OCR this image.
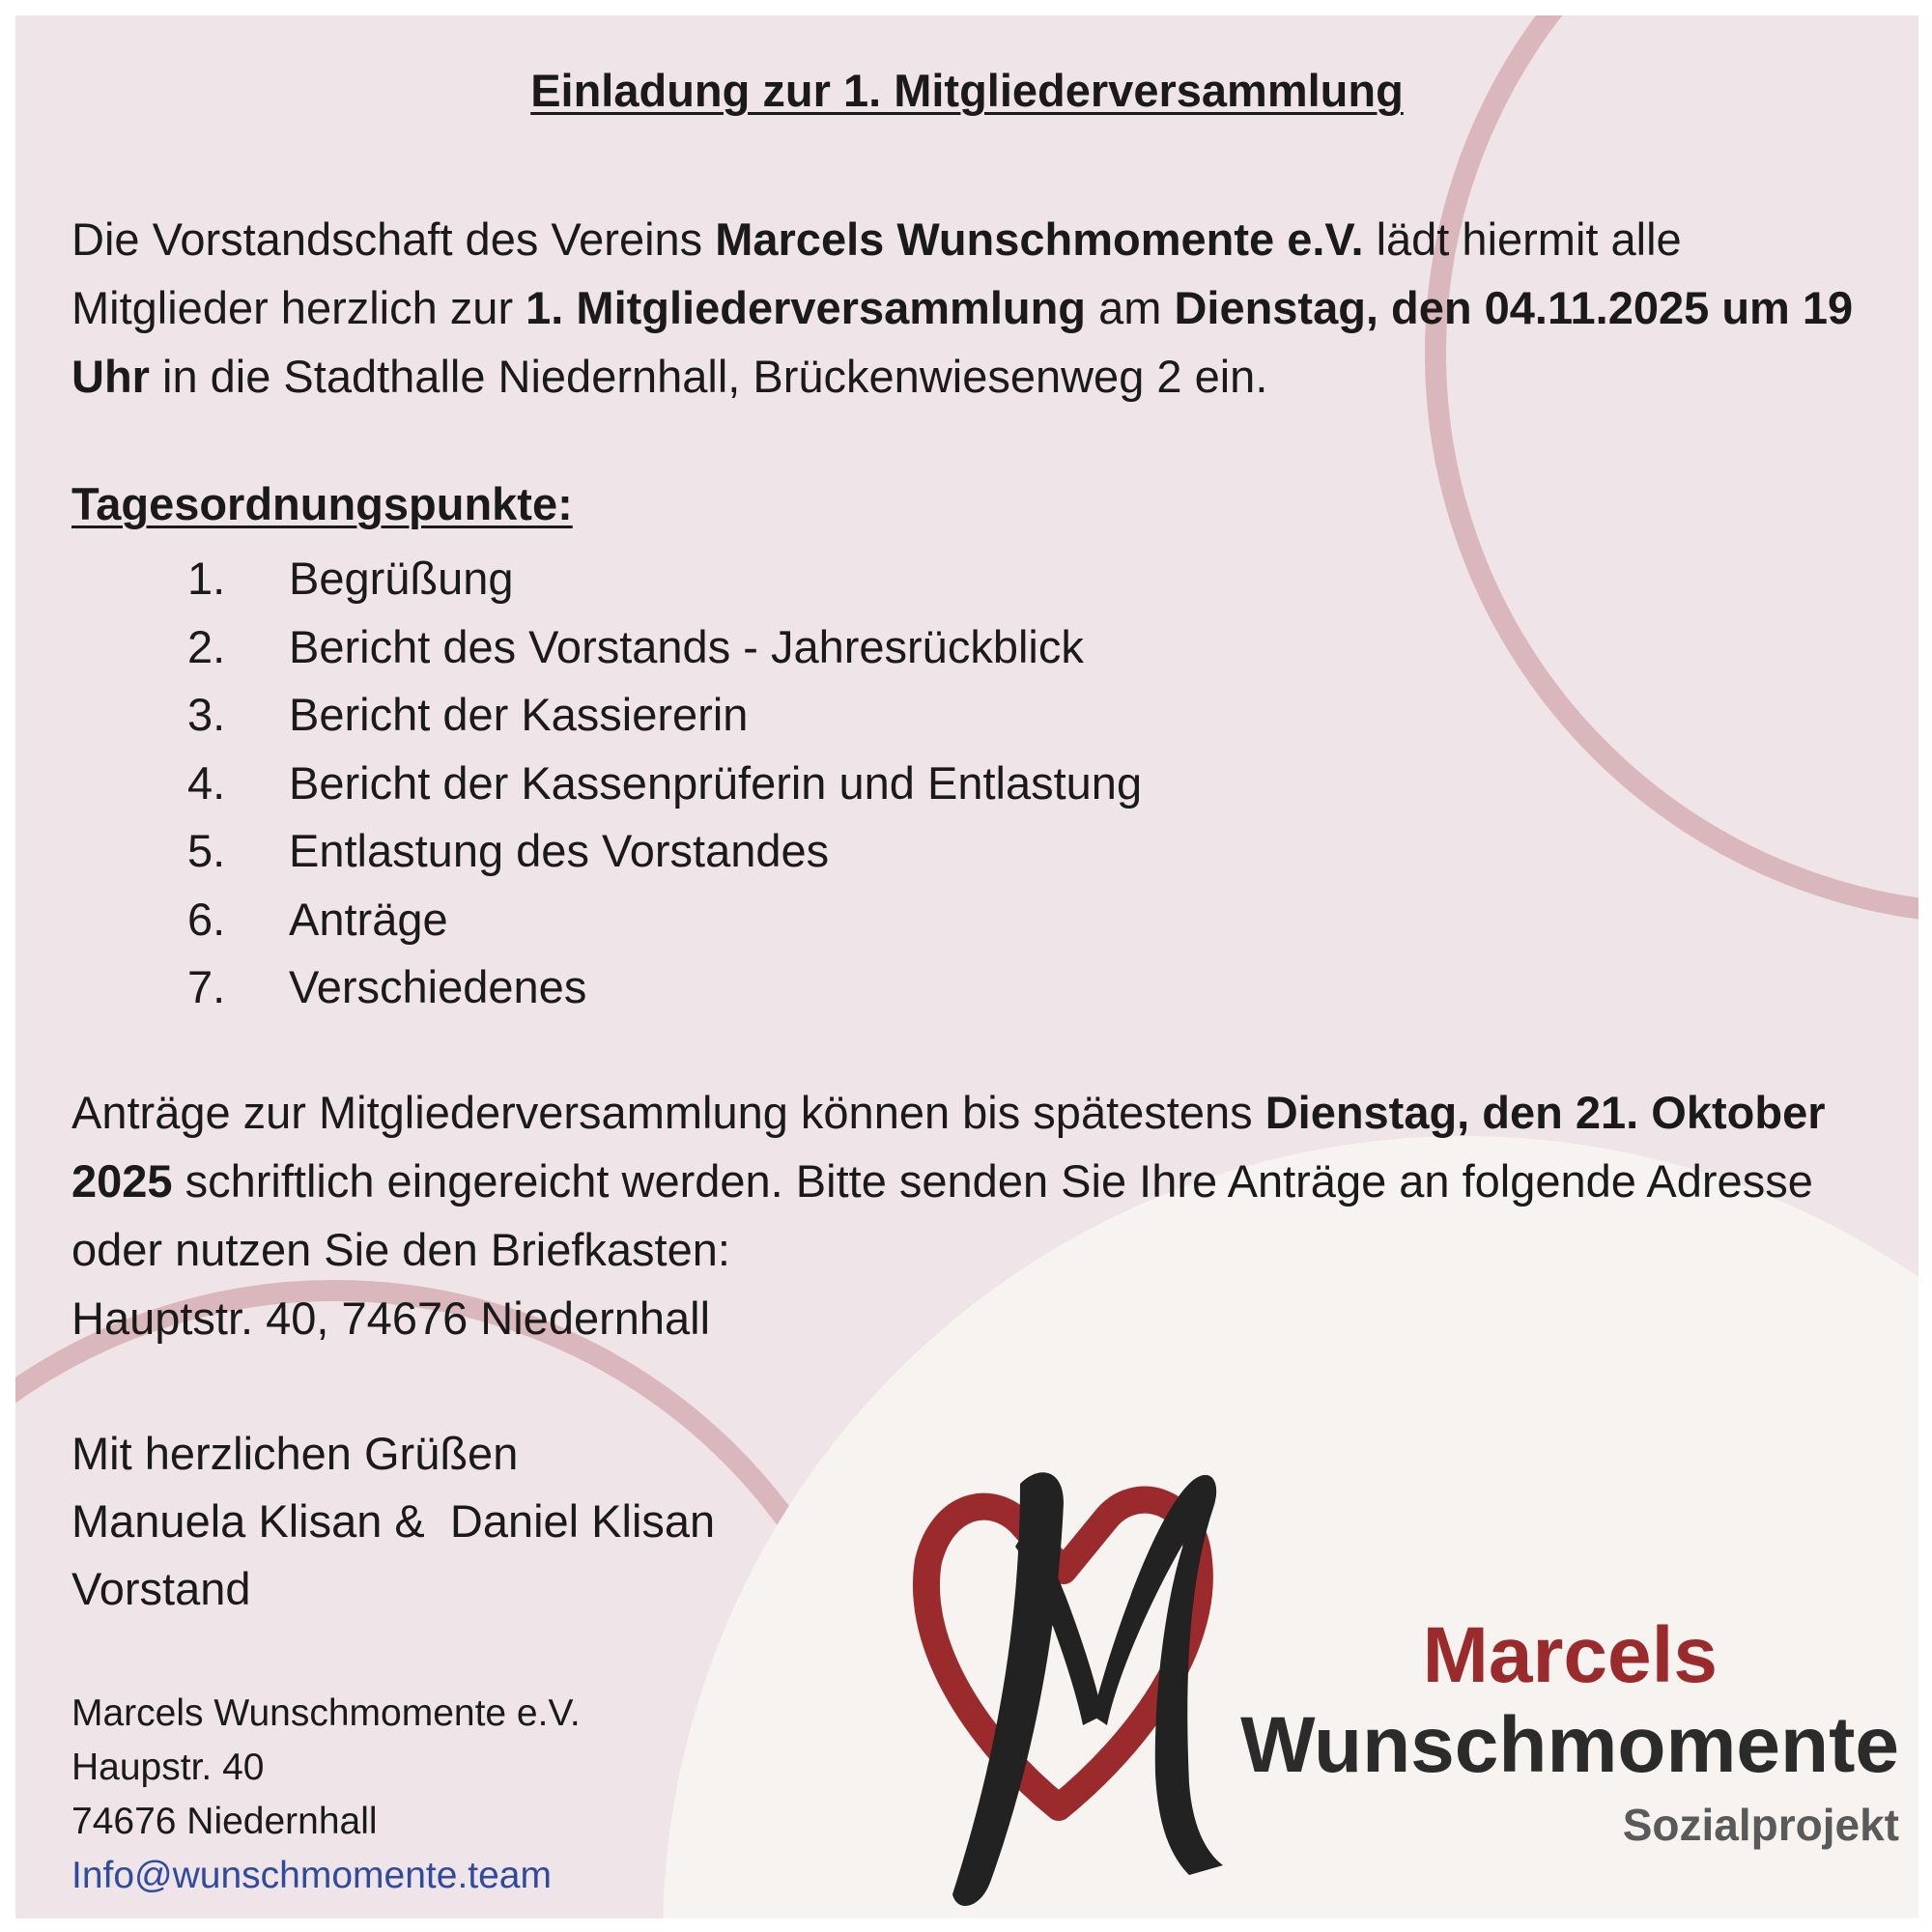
Einladung zur 1. Mitgliederversammlung
Die Vorstandschaft des Vereins Marcels Wunschmomente e.V. lädt hiermit alle Mitglieder herzlich zur 1. Mitgliederversammlung am Dienstag, den 04.11.2025 um 19 Uhr in die Stadthalle Niedernhall, Brückenwiesenweg 2 ein.
Tagesordnungspunkte:
1.	Begrüßung
2.	Bericht des Vorstands - Jahresrückblick
3.	Bericht der Kassiererin
4.	Bericht der Kassenprüferin und Entlastung
5.	Entlastung des Vorstandes
6.	Anträge
7.	Verschiedenes
Anträge zur Mitgliederversammlung können bis spätestens Dienstag, den 21. Oktober 2025 schriftlich eingereicht werden. Bitte senden Sie Ihre Anträge an folgende Adresse oder nutzen Sie den Briefkasten:
Hauptstr. 40, 74676 Niedernhall
Mit herzlichen Grüßen
Manuela Klisan &  Daniel Klisan
Vorstand
Marcels Wunschmomente e.V.
Haupstr. 40
74676 Niedernhall
Info@wunschmomente.team
Marcels
Wunschmomente
Sozialprojekt
